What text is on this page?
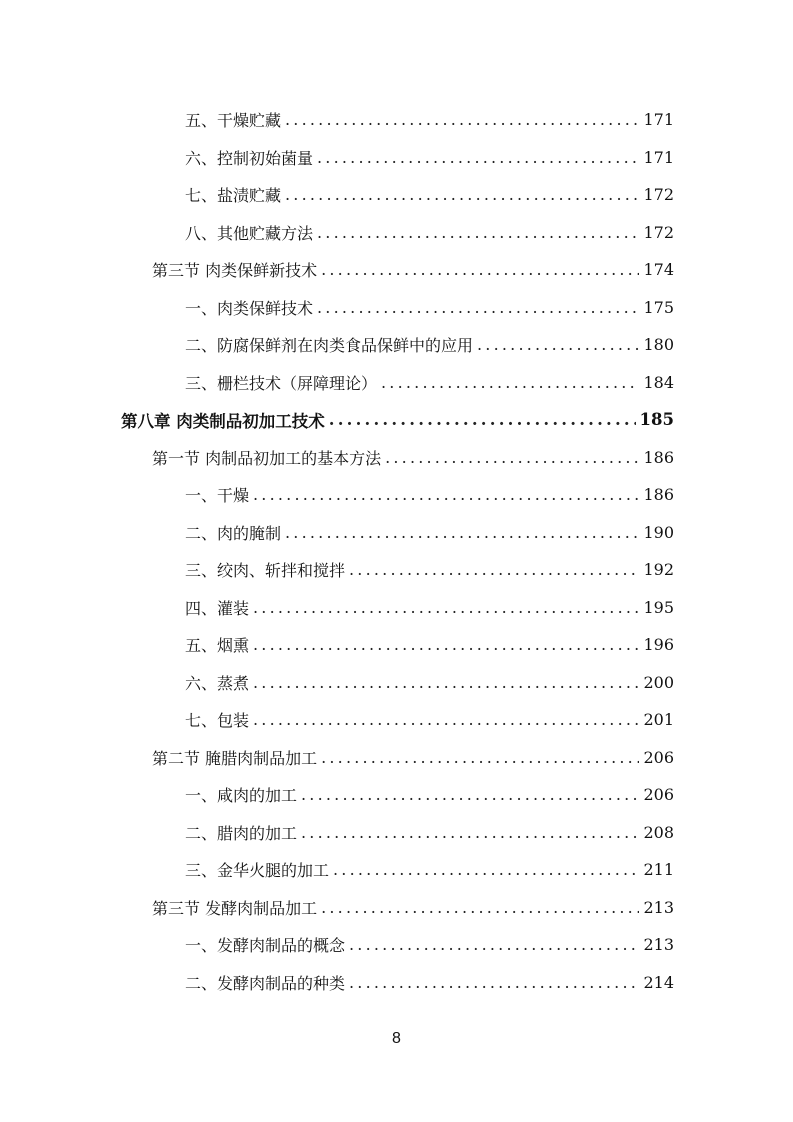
五、干燥贮藏 .....	171
六、控制初始菌量 .....	171
七、盐渍贮藏 .....	172
八、其他贮藏方法 .....	172
第三节 肉类保鲜新技术 .....	174
一、肉类保鲜技术 .....	175
二、防腐保鲜剂在肉类食品保鲜中的应用 .....	180
三、栅栏技术（屏障理论） .....	184
第八章 肉类制品初加工技术 .....	185
第一节 肉制品初加工的基本方法 .....	186
一、干燥 .....	186
二、肉的腌制 .....	190
三、绞肉、斩拌和搅拌 .....	192
四、灌装 .....	195
五、烟熏 .....	196
六、蒸煮 .....	200
七、包装 .....	201
第二节 腌腊肉制品加工 .....	206
一、咸肉的加工 .....	206
二、腊肉的加工 .....	208
三、金华火腿的加工 .....	211
第三节 发酵肉制品加工 .....	213
一、发酵肉制品的概念 .....	213
二、发酵肉制品的种类 .....	214
8
